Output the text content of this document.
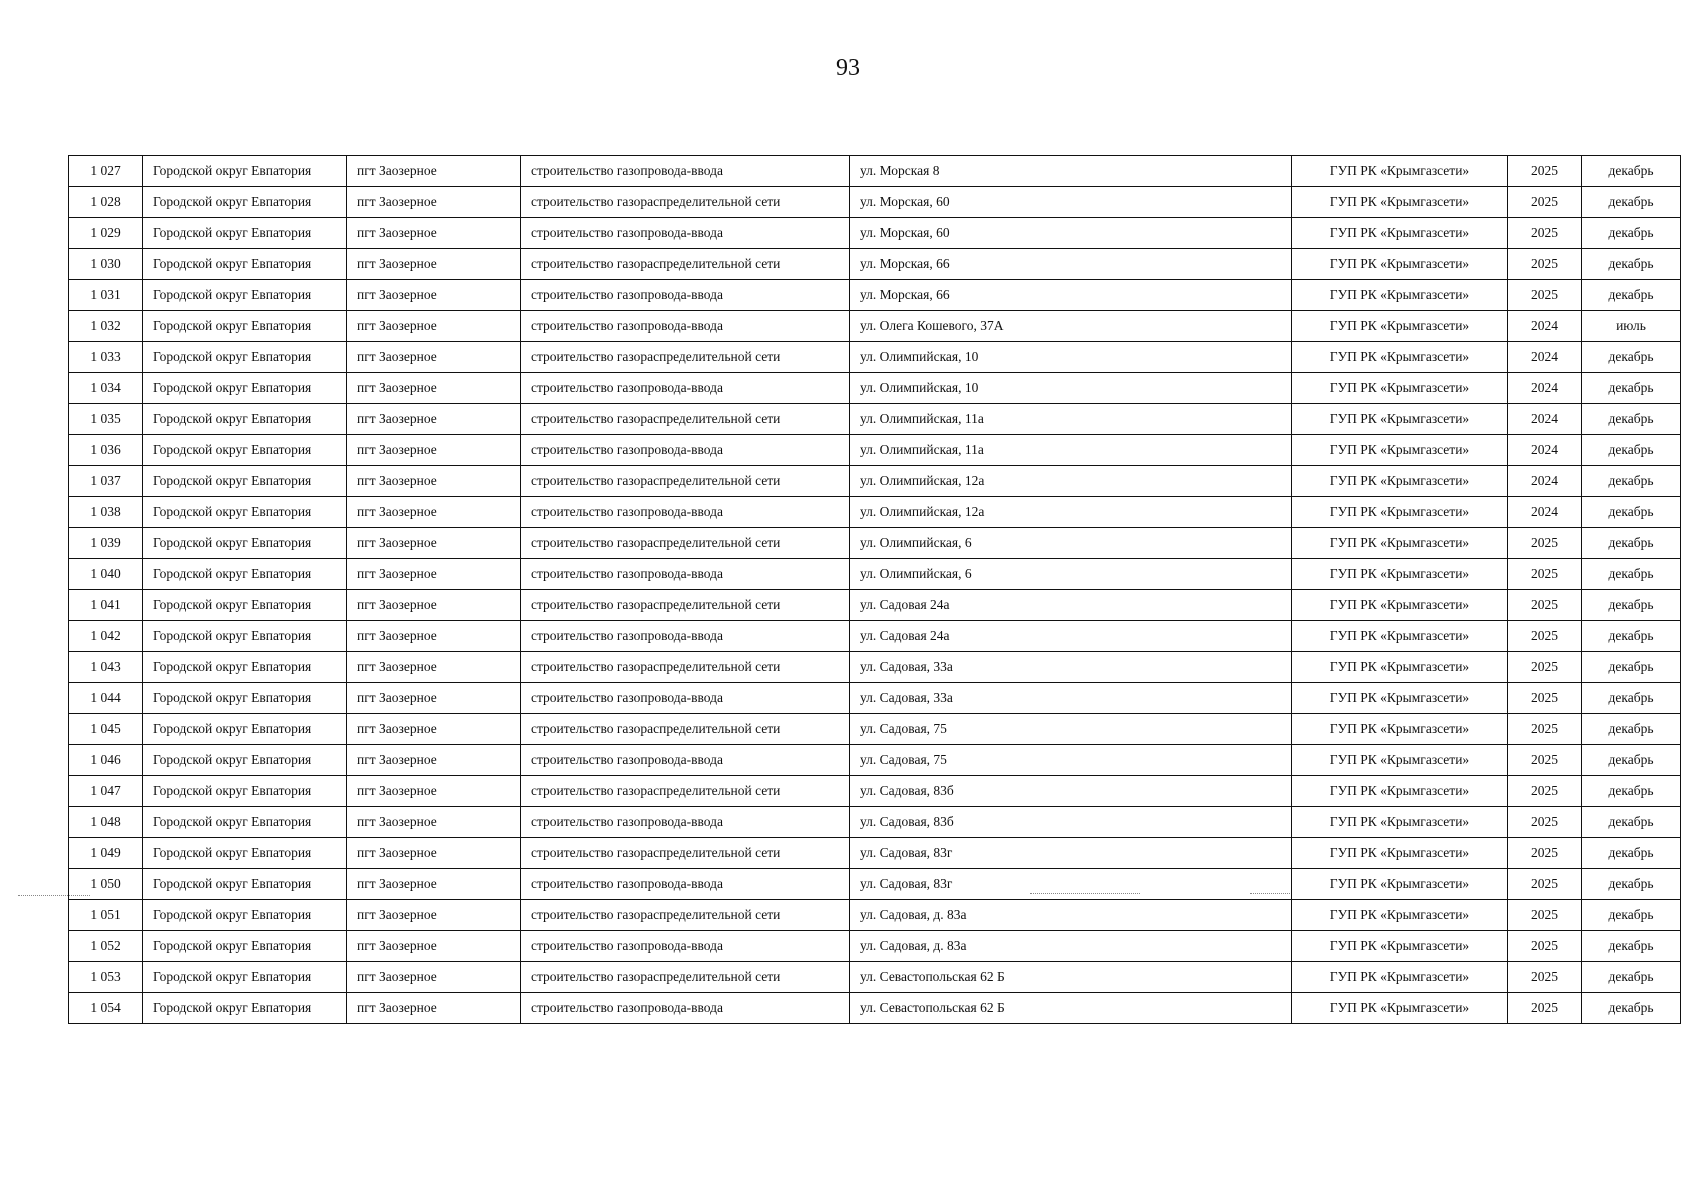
93
1 027	Городской округ Евпатория	пгт Заозерное	строительство газопровода-ввода	ул. Морская 8	ГУП РК «Крымгазсети»	2025	декабрь
1 028	Городской округ Евпатория	пгт Заозерное	строительство газораспределительной сети	ул. Морская, 60	ГУП РК «Крымгазсети»	2025	декабрь
1 029	Городской округ Евпатория	пгт Заозерное	строительство газопровода-ввода	ул. Морская, 60	ГУП РК «Крымгазсети»	2025	декабрь
1 030	Городской округ Евпатория	пгт Заозерное	строительство газораспределительной сети	ул. Морская, 66	ГУП РК «Крымгазсети»	2025	декабрь
1 031	Городской округ Евпатория	пгт Заозерное	строительство газопровода-ввода	ул. Морская, 66	ГУП РК «Крымгазсети»	2025	декабрь
1 032	Городской округ Евпатория	пгт Заозерное	строительство газопровода-ввода	ул. Олега Кошевого, 37А	ГУП РК «Крымгазсети»	2024	июль
1 033	Городской округ Евпатория	пгт Заозерное	строительство газораспределительной сети	ул. Олимпийская, 10	ГУП РК «Крымгазсети»	2024	декабрь
1 034	Городской округ Евпатория	пгт Заозерное	строительство газопровода-ввода	ул. Олимпийская, 10	ГУП РК «Крымгазсети»	2024	декабрь
1 035	Городской округ Евпатория	пгт Заозерное	строительство газораспределительной сети	ул. Олимпийская, 11а	ГУП РК «Крымгазсети»	2024	декабрь
1 036	Городской округ Евпатория	пгт Заозерное	строительство газопровода-ввода	ул. Олимпийская, 11а	ГУП РК «Крымгазсети»	2024	декабрь
1 037	Городской округ Евпатория	пгт Заозерное	строительство газораспределительной сети	ул. Олимпийская, 12а	ГУП РК «Крымгазсети»	2024	декабрь
1 038	Городской округ Евпатория	пгт Заозерное	строительство газопровода-ввода	ул. Олимпийская, 12а	ГУП РК «Крымгазсети»	2024	декабрь
1 039	Городской округ Евпатория	пгт Заозерное	строительство газораспределительной сети	ул. Олимпийская, 6	ГУП РК «Крымгазсети»	2025	декабрь
1 040	Городской округ Евпатория	пгт Заозерное	строительство газопровода-ввода	ул. Олимпийская, 6	ГУП РК «Крымгазсети»	2025	декабрь
1 041	Городской округ Евпатория	пгт Заозерное	строительство газораспределительной сети	ул. Садовая 24а	ГУП РК «Крымгазсети»	2025	декабрь
1 042	Городской округ Евпатория	пгт Заозерное	строительство газопровода-ввода	ул. Садовая 24а	ГУП РК «Крымгазсети»	2025	декабрь
1 043	Городской округ Евпатория	пгт Заозерное	строительство газораспределительной сети	ул. Садовая, 33а	ГУП РК «Крымгазсети»	2025	декабрь
1 044	Городской округ Евпатория	пгт Заозерное	строительство газопровода-ввода	ул. Садовая, 33а	ГУП РК «Крымгазсети»	2025	декабрь
1 045	Городской округ Евпатория	пгт Заозерное	строительство газораспределительной сети	ул. Садовая, 75	ГУП РК «Крымгазсети»	2025	декабрь
1 046	Городской округ Евпатория	пгт Заозерное	строительство газопровода-ввода	ул. Садовая, 75	ГУП РК «Крымгазсети»	2025	декабрь
1 047	Городской округ Евпатория	пгт Заозерное	строительство газораспределительной сети	ул. Садовая, 83б	ГУП РК «Крымгазсети»	2025	декабрь
1 048	Городской округ Евпатория	пгт Заозерное	строительство газопровода-ввода	ул. Садовая, 83б	ГУП РК «Крымгазсети»	2025	декабрь
1 049	Городской округ Евпатория	пгт Заозерное	строительство газораспределительной сети	ул. Садовая, 83г	ГУП РК «Крымгазсети»	2025	декабрь
1 050	Городской округ Евпатория	пгт Заозерное	строительство газопровода-ввода	ул. Садовая, 83г	ГУП РК «Крымгазсети»	2025	декабрь
1 051	Городской округ Евпатория	пгт Заозерное	строительство газораспределительной сети	ул. Садовая, д. 83а	ГУП РК «Крымгазсети»	2025	декабрь
1 052	Городской округ Евпатория	пгт Заозерное	строительство газопровода-ввода	ул. Садовая, д. 83а	ГУП РК «Крымгазсети»	2025	декабрь
1 053	Городской округ Евпатория	пгт Заозерное	строительство газораспределительной сети	ул. Севастопольская 62 Б	ГУП РК «Крымгазсети»	2025	декабрь
1 054	Городской округ Евпатория	пгт Заозерное	строительство газопровода-ввода	ул. Севастопольская 62 Б	ГУП РК «Крымгазсети»	2025	декабрь
